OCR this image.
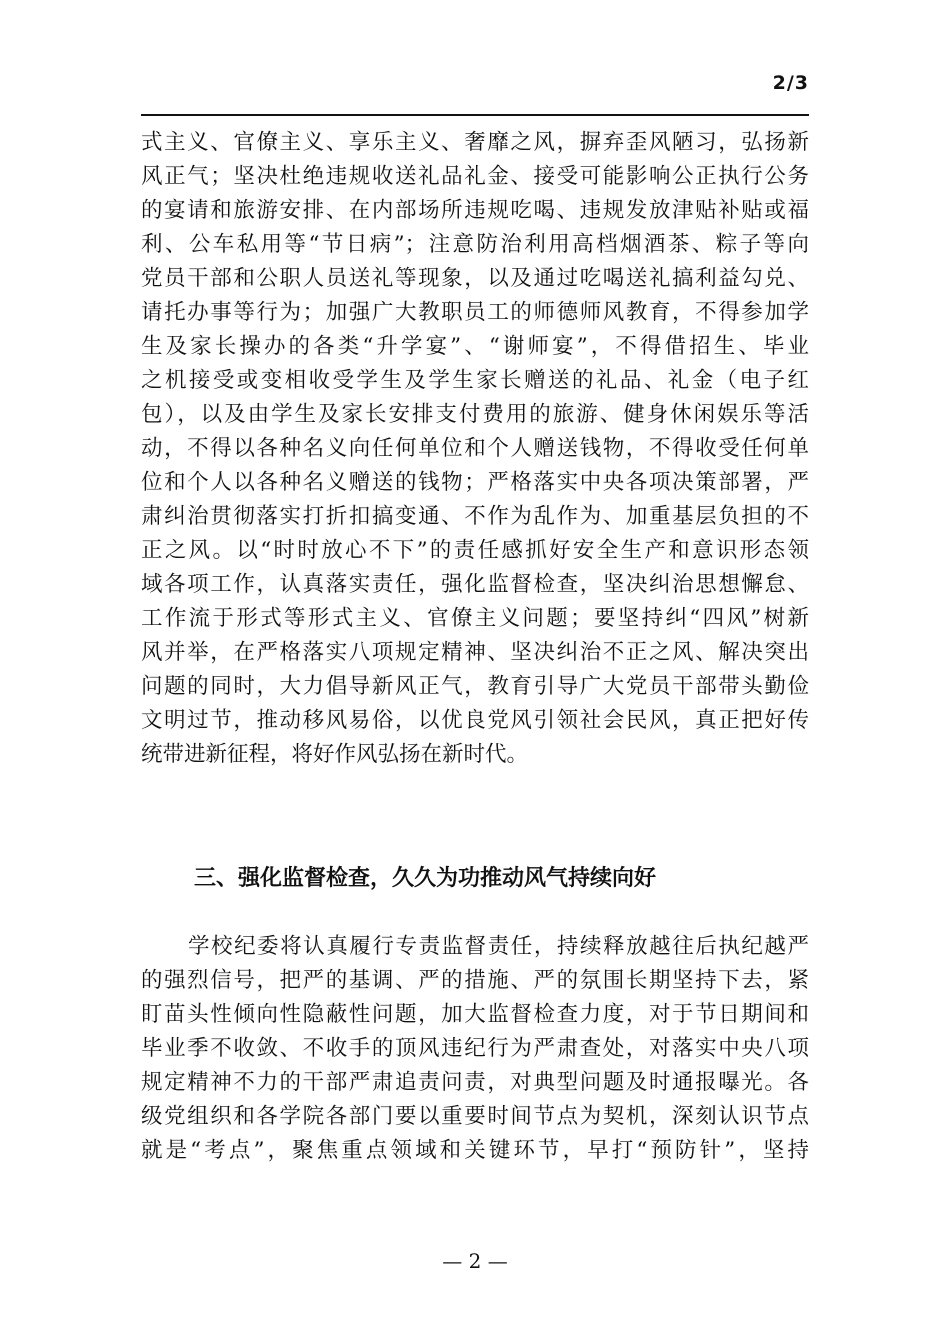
2/3
式主义、官僚主义、享乐主义、奢靡之风，摒弃歪风陋习，弘扬新
风正气；坚决杜绝违规收送礼品礼金、接受可能影响公正执行公务
的宴请和旅游安排、在内部场所违规吃喝、违规发放津贴补贴或福
利、公车私用等“节日病”；注意防治利用高档烟酒茶、粽子等向
党员干部和公职人员送礼等现象，以及通过吃喝送礼搞利益勾兑、
请托办事等行为；加强广大教职员工的师德师风教育，不得参加学
生及家长操办的各类“升学宴”、“谢师宴”，不得借招生、毕业
之机接受或变相收受学生及学生家长赠送的礼品、礼金（电子红
包），以及由学生及家长安排支付费用的旅游、健身休闲娱乐等活
动，不得以各种名义向任何单位和个人赠送钱物，不得收受任何单
位和个人以各种名义赠送的钱物；严格落实中央各项决策部署，严
肃纠治贯彻落实打折扣搞变通、不作为乱作为、加重基层负担的不
正之风。以“时时放心不下”的责任感抓好安全生产和意识形态领
域各项工作，认真落实责任，强化监督检查，坚决纠治思想懈怠、
工作流于形式等形式主义、官僚主义问题；要坚持纠“四风”树新
风并举，在严格落实八项规定精神、坚决纠治不正之风、解决突出
问题的同时，大力倡导新风正气，教育引导广大党员干部带头勤俭
文明过节，推动移风易俗，以优良党风引领社会民风，真正把好传
统带进新征程，将好作风弘扬在新时代。
三、强化监督检查，久久为功推动风气持续向好
学校纪委将认真履行专责监督责任，持续释放越往后执纪越严
的强烈信号，把严的基调、严的措施、严的氛围长期坚持下去，紧
盯苗头性倾向性隐蔽性问题，加大监督检查力度，对于节日期间和
毕业季不收敛、不收手的顶风违纪行为严肃查处，对落实中央八项
规定精神不力的干部严肃追责问责，对典型问题及时通报曝光。各
级党组织和各学院各部门要以重要时间节点为契机，深刻认识节点
就是“考点”，聚焦重点领域和关键环节，早打“预防针”，坚持
— 2 —
